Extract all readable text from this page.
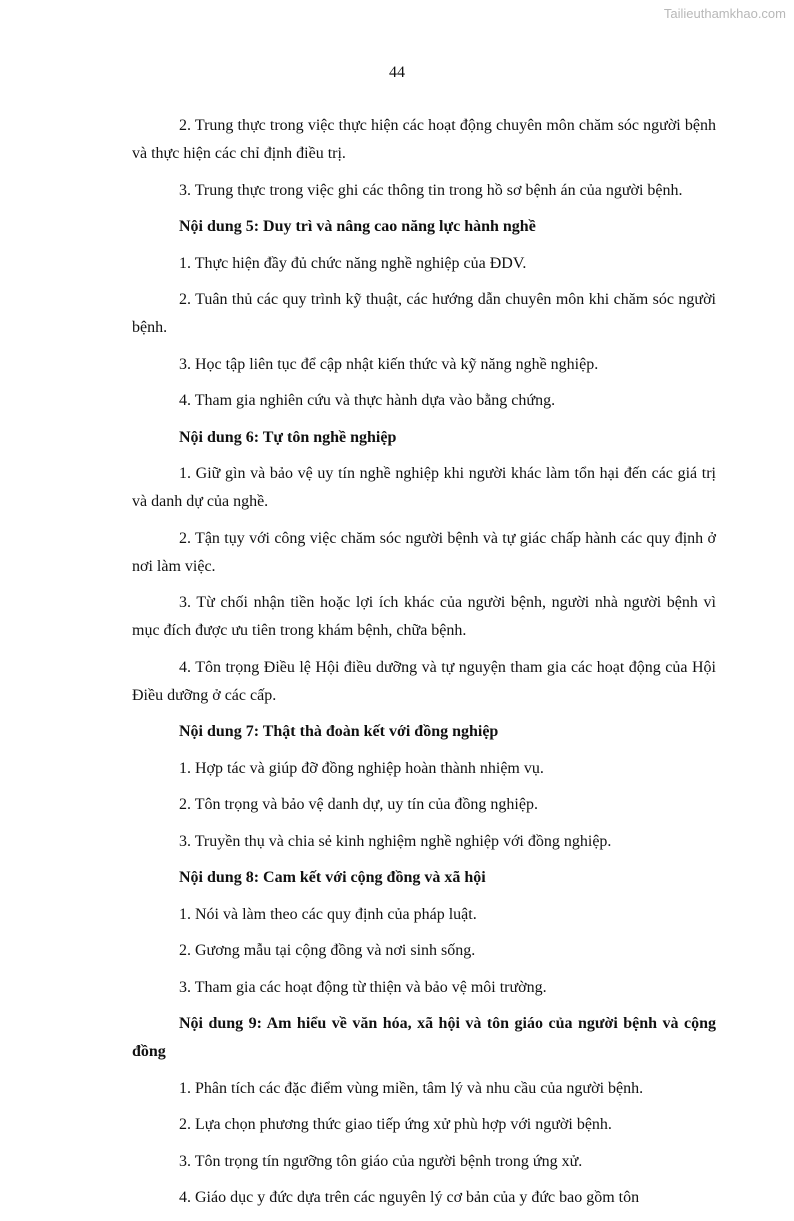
Tailieuthamkhao.com
44

2. Trung thực trong việc thực hiện các hoạt động chuyên môn chăm sóc người bệnh và thực hiện các chỉ định điều trị.

3. Trung thực trong việc ghi các thông tin trong hồ sơ bệnh án của người bệnh.

Nội dung 5: Duy trì và nâng cao năng lực hành nghề

1. Thực hiện đầy đủ chức năng nghề nghiệp của ĐDV.

2. Tuân thủ các quy trình kỹ thuật, các hướng dẫn chuyên môn khi chăm sóc người bệnh.

3. Học tập liên tục để cập nhật kiến thức và kỹ năng nghề nghiệp.

4. Tham gia nghiên cứu và thực hành dựa vào bằng chứng.

Nội dung 6: Tự tôn nghề nghiệp

1. Giữ gìn và bảo vệ uy tín nghề nghiệp khi người khác làm tổn hại đến các giá trị và danh dự của nghề.

2. Tận tụy với công việc chăm sóc người bệnh và tự giác chấp hành các quy định ở nơi làm việc.

3. Từ chối nhận tiền hoặc lợi ích khác của người bệnh, người nhà người bệnh vì mục đích được ưu tiên trong khám bệnh, chữa bệnh.

4. Tôn trọng Điều lệ Hội điều dưỡng và tự nguyện tham gia các hoạt động của Hội Điều dưỡng ở các cấp.

Nội dung 7: Thật thà đoàn kết với đồng nghiệp

1. Hợp tác và giúp đỡ đồng nghiệp hoàn thành nhiệm vụ.

2. Tôn trọng và bảo vệ danh dự, uy tín của đồng nghiệp.

3. Truyền thụ và chia sẻ kinh nghiệm nghề nghiệp với đồng nghiệp.

Nội dung 8: Cam kết với cộng đồng và xã hội

1. Nói và làm theo các quy định của pháp luật.

2. Gương mẫu tại cộng đồng và nơi sinh sống.

3. Tham gia các hoạt động từ thiện và bảo vệ môi trường.

Nội dung 9: Am hiểu về văn hóa, xã hội và tôn giáo của người bệnh và cộng đồng

1. Phân tích các đặc điểm vùng miền, tâm lý và nhu cầu của người bệnh.

2. Lựa chọn phương thức giao tiếp ứng xử phù hợp với người bệnh.

3. Tôn trọng tín ngưỡng tôn giáo của người bệnh trong ứng xử.

4. Giáo dục y đức dựa trên các nguyên lý cơ bản của y đức bao gồm tôn
